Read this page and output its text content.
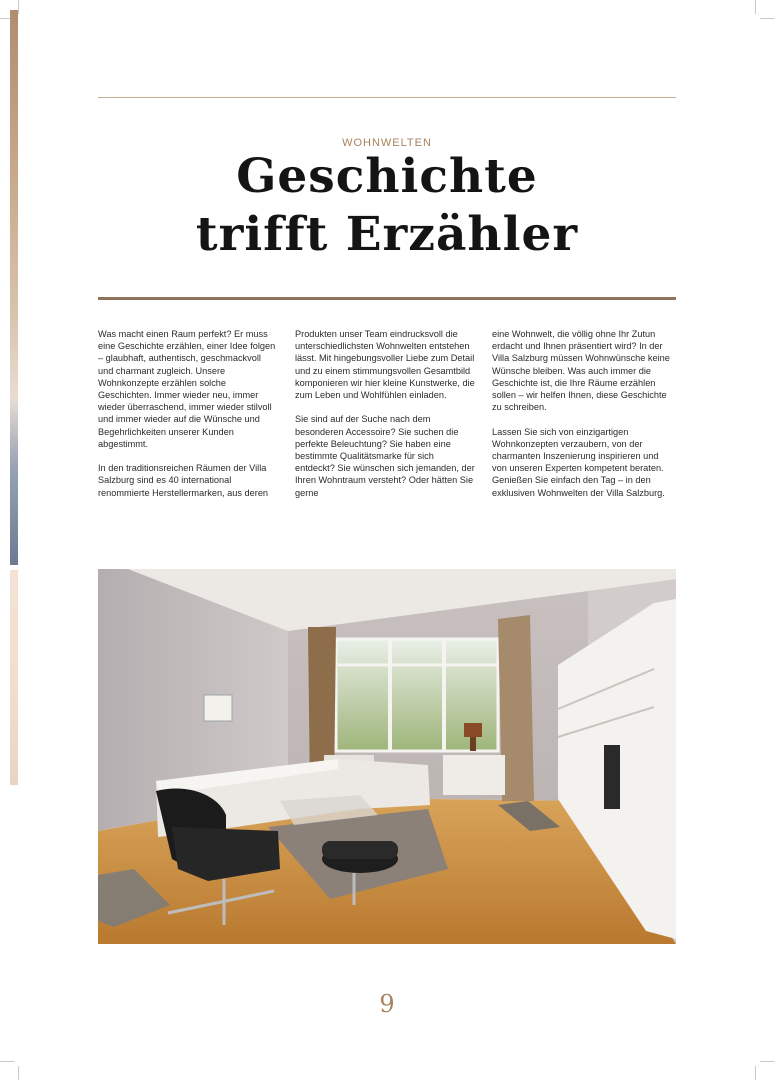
WOHNWELTEN
Geschichte
trifft Erzähler

Was macht einen Raum perfekt? Er muss eine Geschichte erzählen, einer Idee folgen – glaubhaft, authentisch, geschmackvoll und charmant zugleich. Unsere Wohnkonzepte erzählen solche Geschichten. Immer wieder neu, immer wieder überraschend, immer wieder stilvoll und immer wieder auf die Wünsche und Begehrlichkeiten unserer Kunden abgestimmt.

In den traditionsreichen Räumen der Villa Salzburg sind es 40 international renommierte Herstellermarken, aus deren

Produkten unser Team eindrucksvoll die unterschiedlichsten Wohnwelten entstehen lässt. Mit hingebungsvoller Liebe zum Detail und zu einem stimmungsvollen Gesamtbild komponieren wir hier kleine Kunstwerke, die zum Leben und Wohlfühlen einladen.

Sie sind auf der Suche nach dem besonderen Accessoire? Sie suchen die perfekte Beleuchtung? Sie haben eine bestimmte Qualitätsmarke für sich entdeckt? Sie wünschen sich jemanden, der Ihren Wohntraum versteht? Oder hätten Sie gerne

eine Wohnwelt, die völlig ohne Ihr Zutun erdacht und Ihnen präsentiert wird? In der Villa Salzburg müssen Wohnwünsche keine Wünsche bleiben. Was auch immer die Geschichte ist, die Ihre Räume erzählen sollen – wir helfen Ihnen, diese Geschichte zu schreiben.

Lassen Sie sich von einzigartigen Wohnkonzepten verzaubern, von der charmanten Inszenierung inspirieren und von unseren Experten kompetent beraten. Genießen Sie einfach den Tag – in den exklusiven Wohnwelten der Villa Salzburg.

9
